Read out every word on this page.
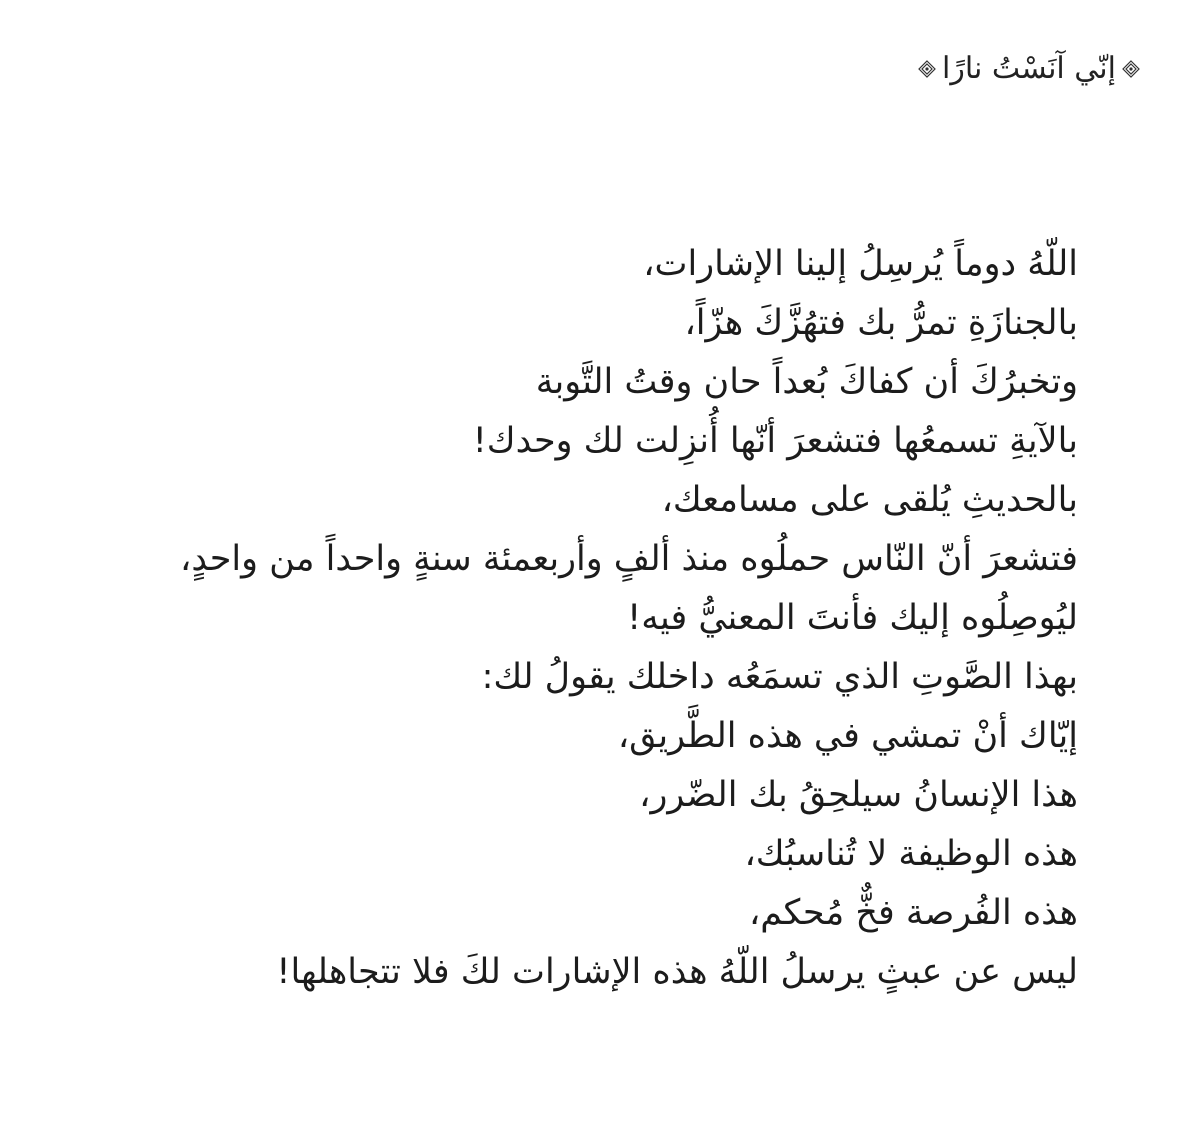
إنّي آنَسْتُ نارًا
اللّهُ دوماً يُرسِلُ إلينا الإشارات،
بالجنازَةِ تمرُّ بك فتهُزَّكَ هزّاً،
وتخبرُكَ أن كفاكَ بُعداً حان وقتُ التَّوبة
بالآيةِ تسمعُها فتشعرَ أنّها أُنزِلت لك وحدك!
بالحديثِ يُلقى على مسامعك،
فتشعرَ أنّ النّاس حملُوه منذ ألفٍ وأربعمئة سنةٍ واحداً من واحدٍ،
ليُوصِلُوه إليك فأنتَ المعنيُّ فيه!
بهذا الصَّوتِ الذي تسمَعُه داخلك يقولُ لك:
إيّاك أنْ تمشي في هذه الطَّريق،
هذا الإنسانُ سيلحِقُ بك الضّرر،
هذه الوظيفة لا تُناسبُك،
هذه الفُرصة فخٌّ مُحكم،
ليس عن عبثٍ يرسلُ اللّهُ هذه الإشارات لكَ فلا تتجاهلها!
